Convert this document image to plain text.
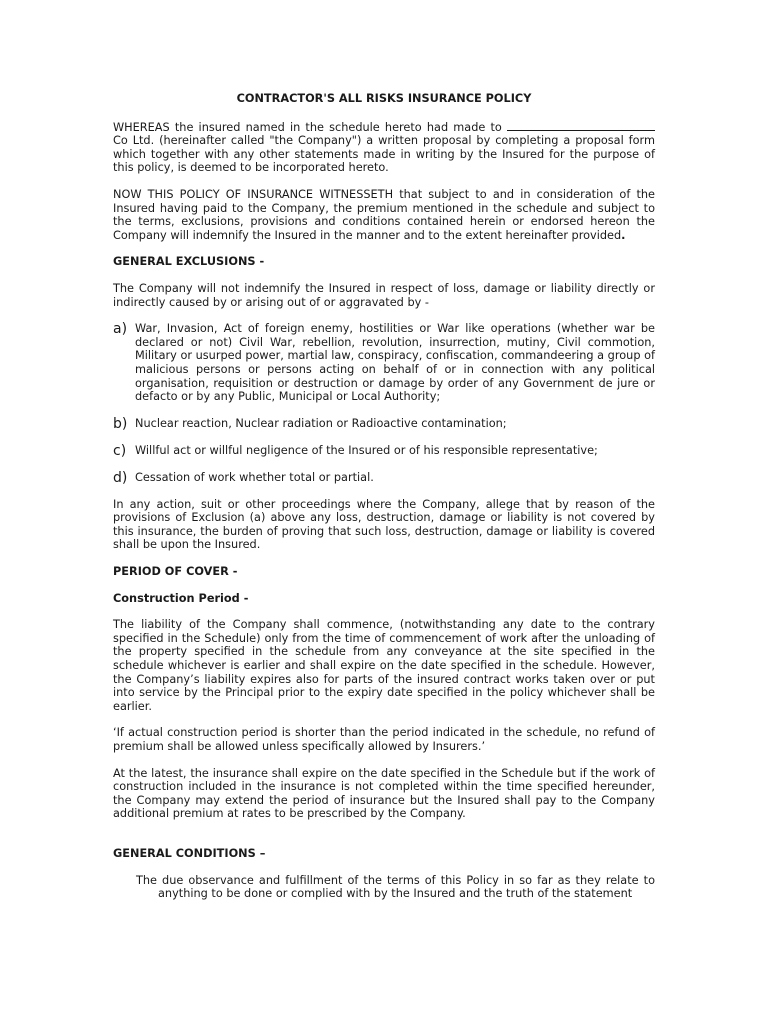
CONTRACTOR'S ALL RISKS INSURANCE POLICY

WHEREAS the insured named in the schedule hereto had made to  Co Ltd. (hereinafter called "the Company") a written proposal by completing a proposal form which together with any other statements made in writing by the Insured for the purpose of this policy, is deemed to be incorporated hereto.

NOW THIS POLICY OF INSURANCE WITNESSETH that subject to and in consideration of the Insured having paid to the Company, the premium mentioned in the schedule and subject to the terms, exclusions, provisions and conditions contained herein or endorsed hereon the Company will indemnify the Insured in the manner and to the extent hereinafter provided.

GENERAL EXCLUSIONS -

The Company will not indemnify the Insured in respect of loss, damage or liability directly or indirectly caused by or arising out of or aggravated by -

a) War, Invasion, Act of foreign enemy, hostilities or War like operations (whether war be declared or not) Civil War, rebellion, revolution, insurrection, mutiny, Civil commotion, Military or usurped power, martial law, conspiracy, confiscation, commandeering a group of malicious persons or persons acting on behalf of or in connection with any political organisation, requisition or destruction or damage by order of any Government de jure or defacto or by any Public, Municipal or Local Authority;
b) Nuclear reaction, Nuclear radiation or Radioactive contamination;
c) Willful act or willful negligence of the Insured or of his responsible representative;
d) Cessation of work whether total or partial.

In any action, suit or other proceedings where the Company, allege that by reason of the provisions of Exclusion (a) above any loss, destruction, damage or liability is not covered by this insurance, the burden of proving that such loss, destruction, damage or liability is covered shall be upon the Insured.

PERIOD OF COVER -
Construction Period -

The liability of the Company shall commence, (notwithstanding any date to the contrary specified in the Schedule) only from the time of commencement of work after the unloading of the property specified in the schedule from any conveyance at the site specified in the schedule whichever is earlier and shall expire on the date specified in the schedule. However, the Company’s liability expires also for parts of the insured contract works taken over or put into service by the Principal prior to the expiry date specified in the policy whichever shall be earlier.

‘If actual construction period is shorter than the period indicated in the schedule, no refund of premium shall be allowed unless specifically allowed by Insurers.’

At the latest, the insurance shall expire on the date specified in the Schedule but if the work of construction included in the insurance is not completed within the time specified hereunder, the Company may extend the period of insurance but the Insured shall pay to the Company additional premium at rates to be prescribed by the Company.

GENERAL CONDITIONS –

The due observance and fulfillment of the terms of this Policy in so far as they relate to anything to be done or complied with by the Insured and the truth of the statement
